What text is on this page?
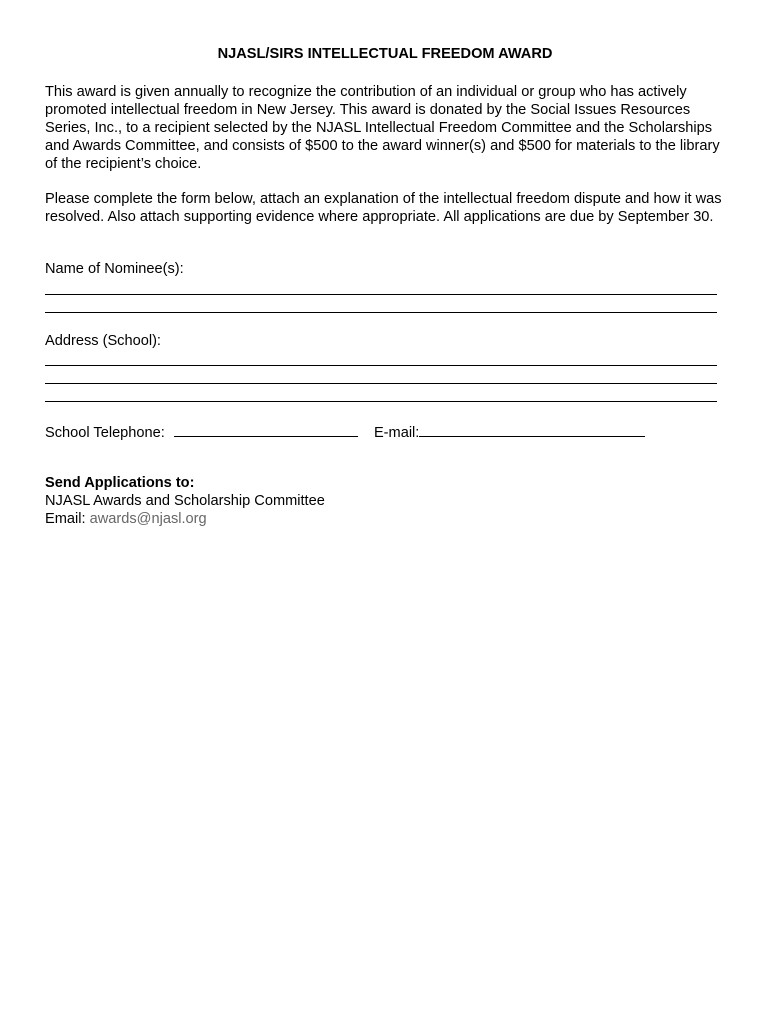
NJASL/SIRS INTELLECTUAL FREEDOM AWARD

This award is given annually to recognize the contribution of an individual or group who has actively promoted intellectual freedom in New Jersey. This award is donated by the Social Issues Resources Series, Inc., to a recipient selected by the NJASL Intellectual Freedom Committee and the Scholarships and Awards Committee, and consists of $500 to the award winner(s) and $500 for materials to the library of the recipient’s choice.

Please complete the form below, attach an explanation of the intellectual freedom dispute and how it was resolved. Also attach supporting evidence where appropriate. All applications are due by September 30.

Name of Nominee(s):
Address (School):
School Telephone:	E-mail:
Send Applications to:
NJASL Awards and Scholarship Committee
Email: awards@njasl.org
